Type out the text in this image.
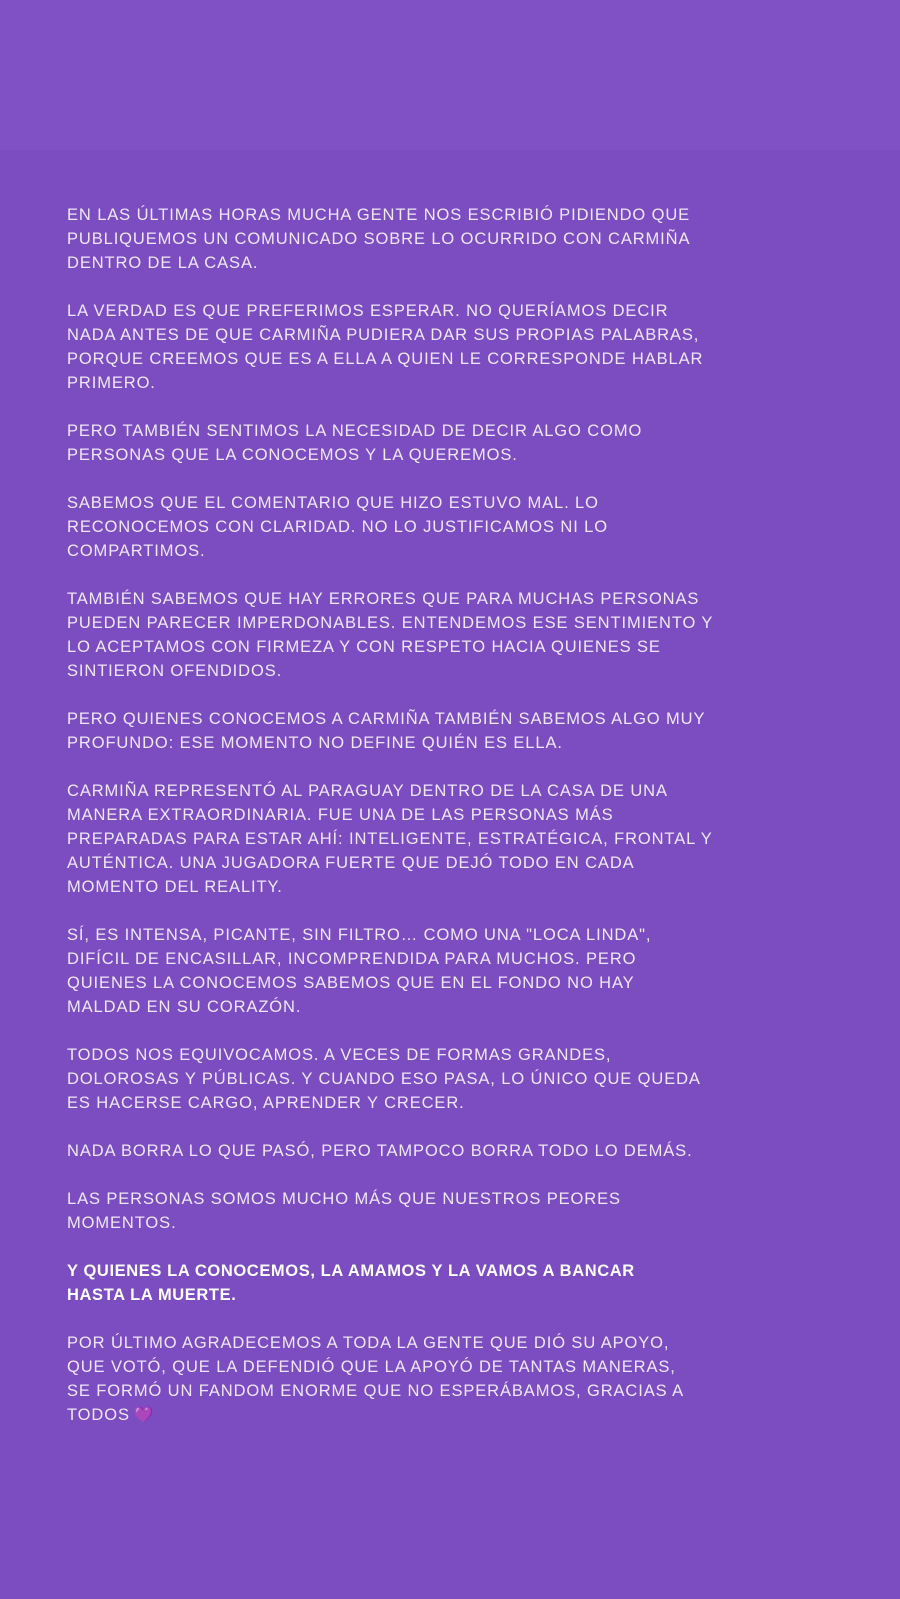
EN LAS ÚLTIMAS HORAS MUCHA GENTE NOS ESCRIBIÓ PIDIENDO QUE
PUBLIQUEMOS UN COMUNICADO SOBRE LO OCURRIDO CON CARMIÑA
DENTRO DE LA CASA.
LA VERDAD ES QUE PREFERIMOS ESPERAR. NO QUERÍAMOS DECIR
NADA ANTES DE QUE CARMIÑA PUDIERA DAR SUS PROPIAS PALABRAS,
PORQUE CREEMOS QUE ES A ELLA A QUIEN LE CORRESPONDE HABLAR
PRIMERO.
PERO TAMBIÉN SENTIMOS LA NECESIDAD DE DECIR ALGO COMO
PERSONAS QUE LA CONOCEMOS Y LA QUEREMOS.
SABEMOS QUE EL COMENTARIO QUE HIZO ESTUVO MAL. LO
RECONOCEMOS CON CLARIDAD. NO LO JUSTIFICAMOS NI LO
COMPARTIMOS.
TAMBIÉN SABEMOS QUE HAY ERRORES QUE PARA MUCHAS PERSONAS
PUEDEN PARECER IMPERDONABLES. ENTENDEMOS ESE SENTIMIENTO Y
LO ACEPTAMOS CON FIRMEZA Y CON RESPETO HACIA QUIENES SE
SINTIERON OFENDIDOS.
PERO QUIENES CONOCEMOS A CARMIÑA TAMBIÉN SABEMOS ALGO MUY
PROFUNDO: ESE MOMENTO NO DEFINE QUIÉN ES ELLA.
CARMIÑA REPRESENTÓ AL PARAGUAY DENTRO DE LA CASA DE UNA
MANERA EXTRAORDINARIA. FUE UNA DE LAS PERSONAS MÁS
PREPARADAS PARA ESTAR AHÍ: INTELIGENTE, ESTRATÉGICA, FRONTAL Y
AUTÉNTICA. UNA JUGADORA FUERTE QUE DEJÓ TODO EN CADA
MOMENTO DEL REALITY.
SÍ, ES INTENSA, PICANTE, SIN FILTRO… COMO UNA "LOCA LINDA",
DIFÍCIL DE ENCASILLAR, INCOMPRENDIDA PARA MUCHOS. PERO
QUIENES LA CONOCEMOS SABEMOS QUE EN EL FONDO NO HAY
MALDAD EN SU CORAZÓN.
TODOS NOS EQUIVOCAMOS. A VECES DE FORMAS GRANDES,
DOLOROSAS Y PÚBLICAS. Y CUANDO ESO PASA, LO ÚNICO QUE QUEDA
ES HACERSE CARGO, APRENDER Y CRECER.
NADA BORRA LO QUE PASÓ, PERO TAMPOCO BORRA TODO LO DEMÁS.
LAS PERSONAS SOMOS MUCHO MÁS QUE NUESTROS PEORES
MOMENTOS.
Y QUIENES LA CONOCEMOS, LA AMAMOS Y LA VAMOS A BANCAR
HASTA LA MUERTE.
POR ÚLTIMO AGRADECEMOS A TODA LA GENTE QUE DIÓ SU APOYO,
QUE VOTÓ, QUE LA DEFENDIÓ QUE LA APOYÓ DE TANTAS MANERAS,
SE FORMÓ UN FANDOM ENORME QUE NO ESPERÁBAMOS, GRACIAS A
TODOS 💜
